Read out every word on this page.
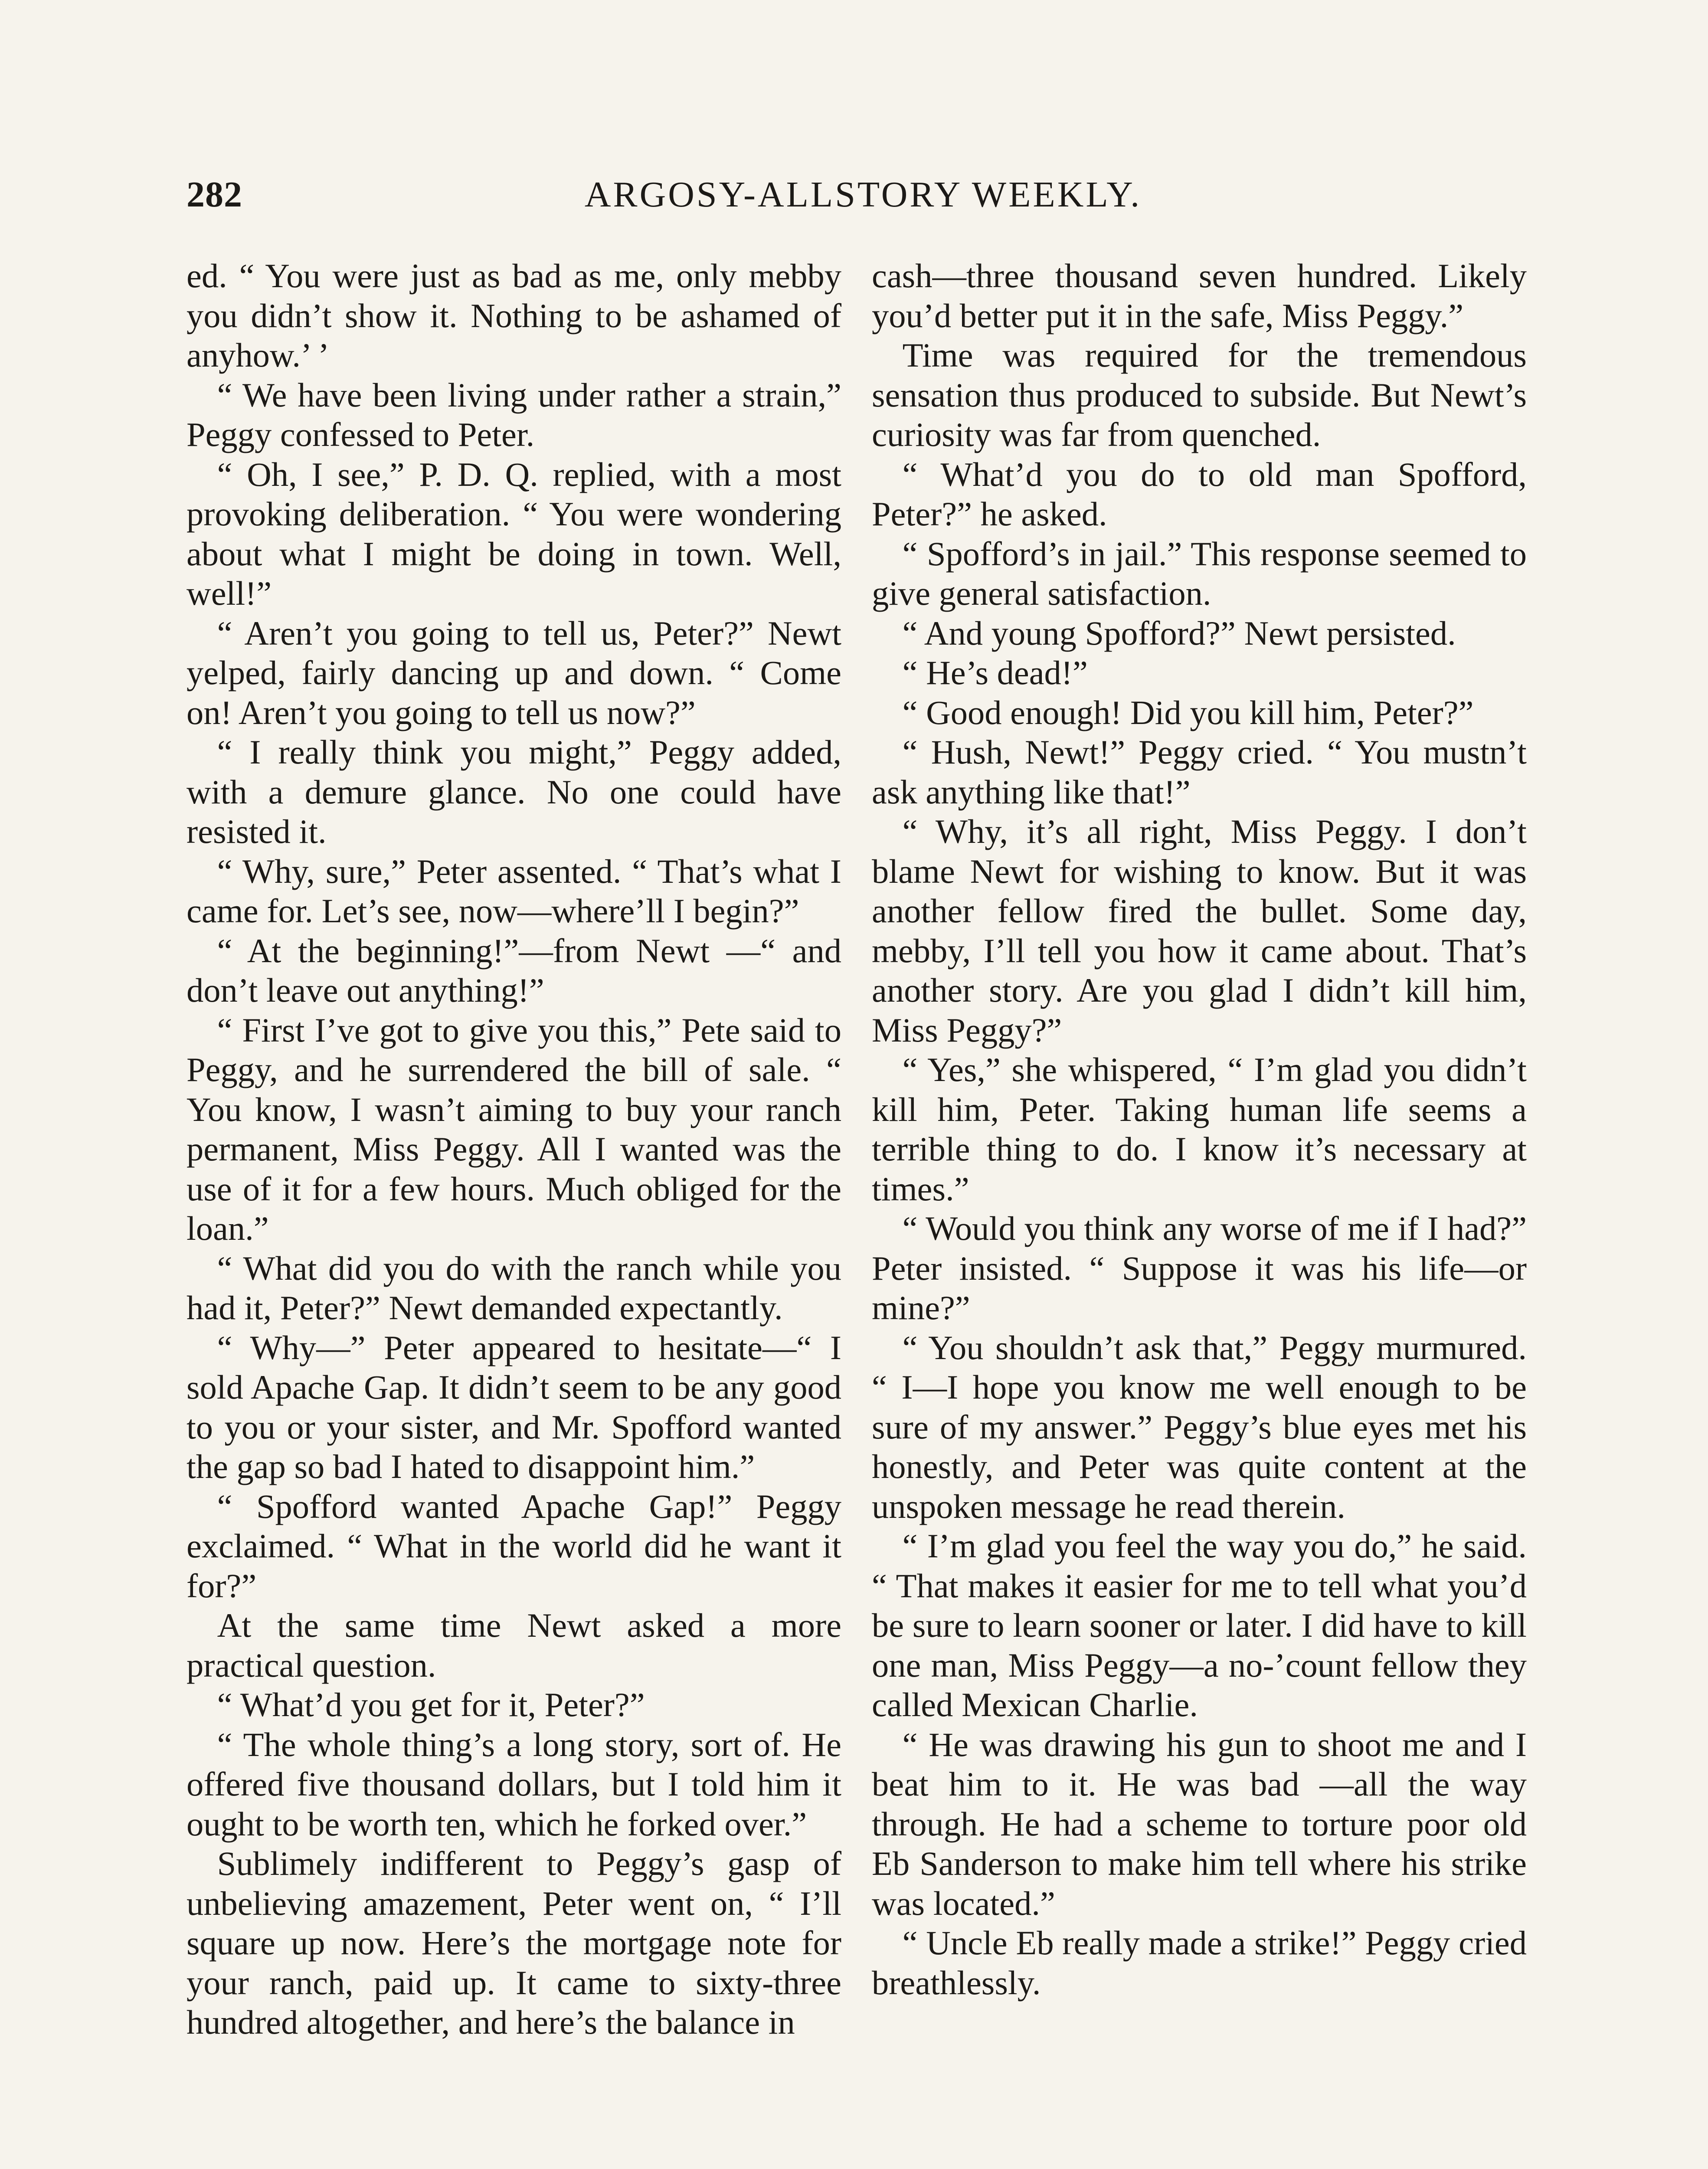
282	ARGOSY-ALLSTORY WEEKLY.

ed. “ You were just as bad as me, only mebby you didn’t show it. Nothing to be ashamed of anyhow.’ ’

“ We have been living under rather a strain,” Peggy confessed to Peter.

“ Oh, I see,” P. D. Q. replied, with a most provoking deliberation. “ You were wondering about what I might be doing in town. Well, well!”

“ Aren’t you going to tell us, Peter?” Newt yelped, fairly dancing up and down. “ Come on! Aren’t you going to tell us now?”

“ I really think you might,” Peggy added, with a demure glance. No one could have resisted it.

“ Why, sure,” Peter assented. “ That’s what I came for. Let’s see, now—where’ll I begin?”

“ At the beginning!”—from Newt —“ and don’t leave out anything!”

“ First I’ve got to give you this,” Pete said to Peggy, and he surrendered the bill of sale. “ You know, I wasn’t aiming to buy your ranch permanent, Miss Peggy. All I wanted was the use of it for a few hours. Much obliged for the loan.”

“ What did you do with the ranch while you had it, Peter?” Newt demanded expectantly.

“ Why—” Peter appeared to hesitate—“ I sold Apache Gap. It didn’t seem to be any good to you or your sister, and Mr. Spofford wanted the gap so bad I hated to disappoint him.”

“ Spofford wanted Apache Gap!” Peggy exclaimed. “ What in the world did he want it for?”

At the same time Newt asked a more practical question.

“ What’d you get for it, Peter?”

“ The whole thing’s a long story, sort of. He offered five thousand dollars, but I told him it ought to be worth ten, which he forked over.”

Sublimely indifferent to Peggy’s gasp of unbelieving amazement, Peter went on, “ I’ll square up now. Here’s the mortgage note for your ranch, paid up. It came to sixty-three hundred altogether, and here’s the balance in

cash—three thousand seven hundred. Likely you’d better put it in the safe, Miss Peggy.”

Time was required for the tremendous sensation thus produced to subside. But Newt’s curiosity was far from quenched.

“ What’d you do to old man Spofford, Peter?” he asked.

“ Spofford’s in jail.” This response seemed to give general satisfaction.

“ And young Spofford?” Newt persisted.

“ He’s dead!”

“ Good enough! Did you kill him, Peter?”

“ Hush, Newt!” Peggy cried. “ You mustn’t ask anything like that!”

“ Why, it’s all right, Miss Peggy. I don’t blame Newt for wishing to know. But it was another fellow fired the bullet. Some day, mebby, I’ll tell you how it came about. That’s another story. Are you glad I didn’t kill him, Miss Peggy?”

“ Yes,” she whispered, “ I’m glad you didn’t kill him, Peter. Taking human life seems a terrible thing to do. I know it’s necessary at times.”

“ Would you think any worse of me if I had?” Peter insisted. “ Suppose it was his life—or mine?”

“ You shouldn’t ask that,” Peggy murmured. “ I—I hope you know me well enough to be sure of my answer.” Peggy’s blue eyes met his honestly, and Peter was quite content at the unspoken message he read therein.

“ I’m glad you feel the way you do,” he said. “ That makes it easier for me to tell what you’d be sure to learn sooner or later. I did have to kill one man, Miss Peggy—a no-’count fellow they called Mexican Charlie.

“ He was drawing his gun to shoot me and I beat him to it. He was bad —all the way through. He had a scheme to torture poor old Eb Sanderson to make him tell where his strike was located.”

“ Uncle Eb really made a strike!” Peggy cried breathlessly.
